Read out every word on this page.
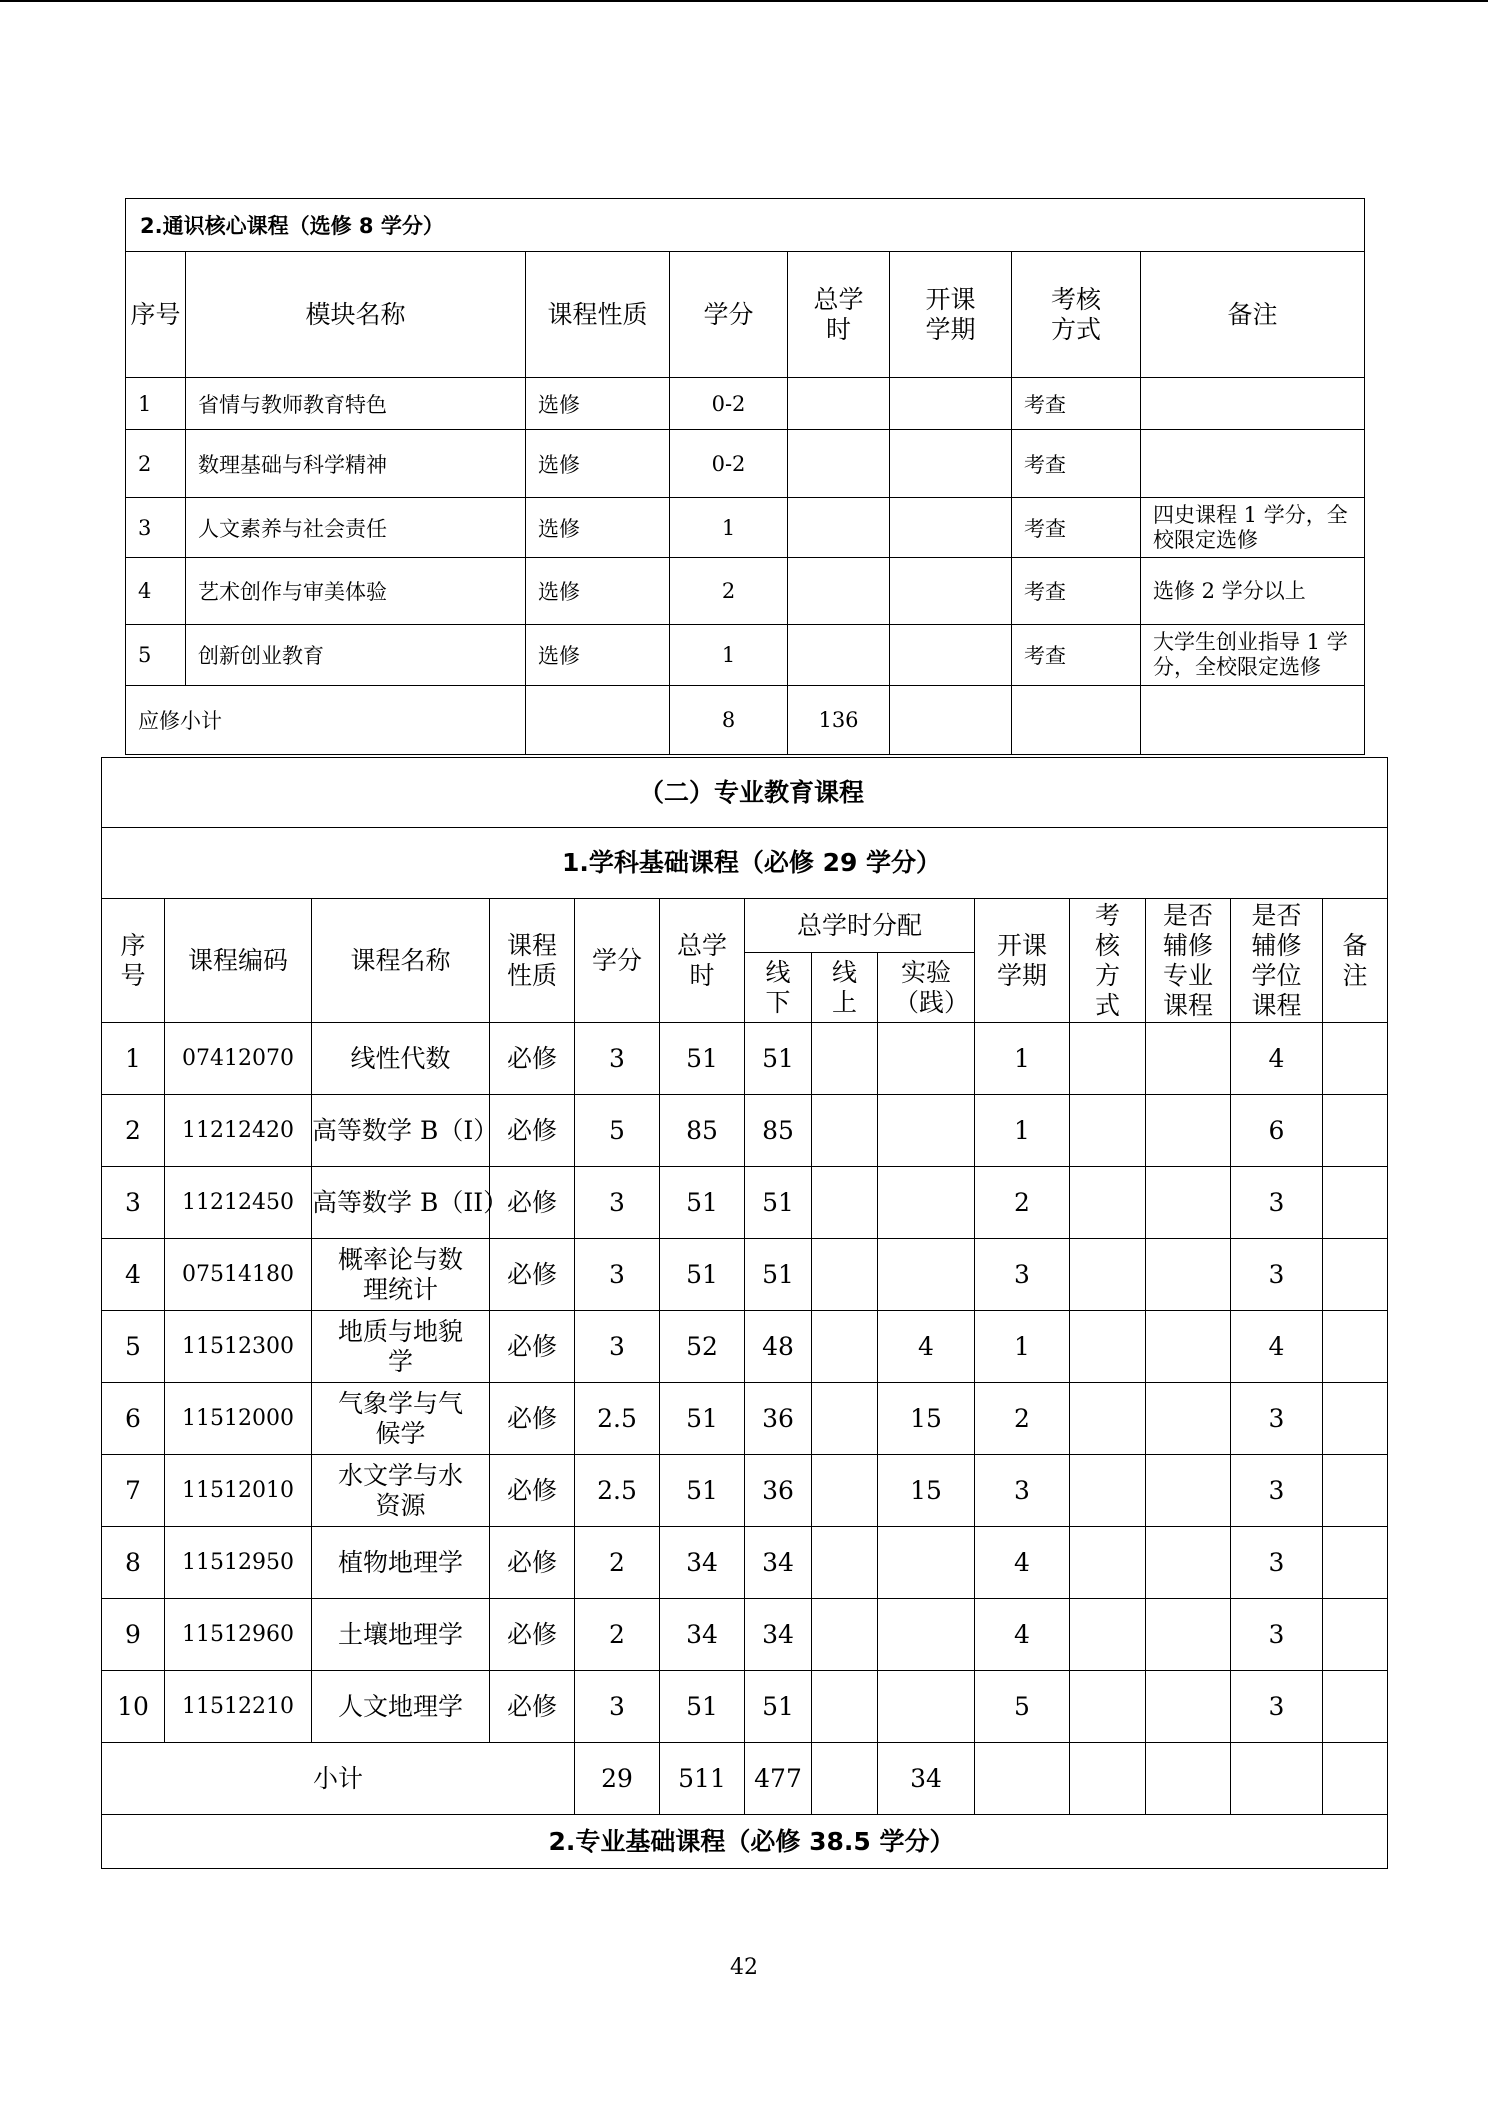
2.通识核心课程（选修 8 学分）							
序号	模块名称	课程性质	学分	总学时	开课学期	考核方式	备注
1	省情与教师教育特色	选修	0-2			考查	
2	数理基础与科学精神	选修	0-2			考查	
3	人文素养与社会责任	选修	1			考查	四史课程 1 学分，全校限定选修
4	艺术创作与审美体验	选修	2			考查	选修 2 学分以上
5	创新创业教育	选修	1			考查	大学生创业指导 1 学分，全校限定选修
应修小计			8	136			
（二）专业教育课程													
1.学科基础课程（必修 29 学分）													
序号	课程编码	课程名称	课程性质	学分	总学时	总学时分配			开课学期	考核方式	是否辅修专业课程	是否辅修学位课程	备注
						线下	线上	实验（践）					
1	07412070	线性代数	必修	3	51	51			1			4	
2	11212420	高等数学 B（I）	必修	5	85	85			1			6	
3	11212450	高等数学 B（II）	必修	3	51	51			2			3	
4	07514180	概率论与数理统计	必修	3	51	51			3			3	
5	11512300	地质与地貌学	必修	3	52	48		4	1			4	
6	11512000	气象学与气候学	必修	2.5	51	36		15	2			3	
7	11512010	水文学与水资源	必修	2.5	51	36		15	3			3	
8	11512950	植物地理学	必修	2	34	34			4			3	
9	11512960	土壤地理学	必修	2	34	34			4			3	
10	11512210	人文地理学	必修	3	51	51			5			3	
小计				29	511	477		34					
2.专业基础课程（必修 38.5 学分）													
42
